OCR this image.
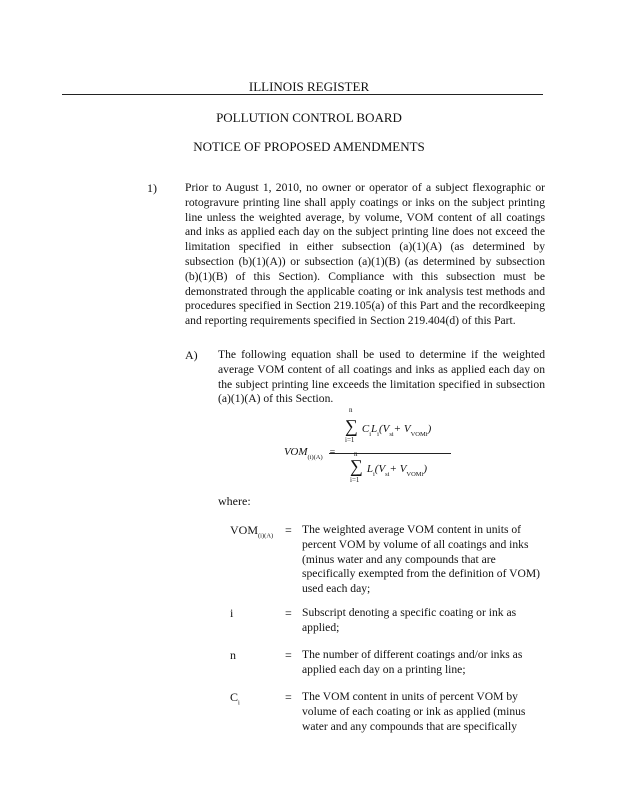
ILLINOIS REGISTER
POLLUTION CONTROL BOARD
NOTICE OF PROPOSED AMENDMENTS
1) Prior to August 1, 2010, no owner or operator of a subject flexographic or rotogravure printing line shall apply coatings or inks on the subject printing line unless the weighted average, by volume, VOM content of all coatings and inks as applied each day on the subject printing line does not exceed the limitation specified in either subsection (a)(1)(A) (as determined by subsection (b)(1)(A)) or subsection (a)(1)(B) (as determined by subsection (b)(1)(B) of this Section). Compliance with this subsection must be demonstrated through the applicable coating or ink analysis test methods and procedures specified in Section 219.105(a) of this Part and the recordkeeping and reporting requirements specified in Section 219.404(d) of this Part.
A) The following equation shall be used to determine if the weighted average VOM content of all coatings and inks as applied each day on the subject printing line exceeds the limitation specified in subsection (a)(1)(A) of this Section.
$VOM_{(i)(A)}$ =
n
∑
i=1
$C_iL_i(V_{si}+ V_{VOMi})$
n
∑
i=1
$L_i(V_{si}+ V_{VOMi})$
where:
$VOM_{(i)(A)}$ = The weighted average VOM content in units of percent VOM by volume of all coatings and inks (minus water and any compounds that are specifically exempted from the definition of VOM) used each day;
i	= Subscript denoting a specific coating or ink as applied;
n	= The number of different coatings and/or inks as applied each day on a printing line;
$C_i$	= The VOM content in units of percent VOM by volume of each coating or ink as applied (minus water and any compounds that are specifically
